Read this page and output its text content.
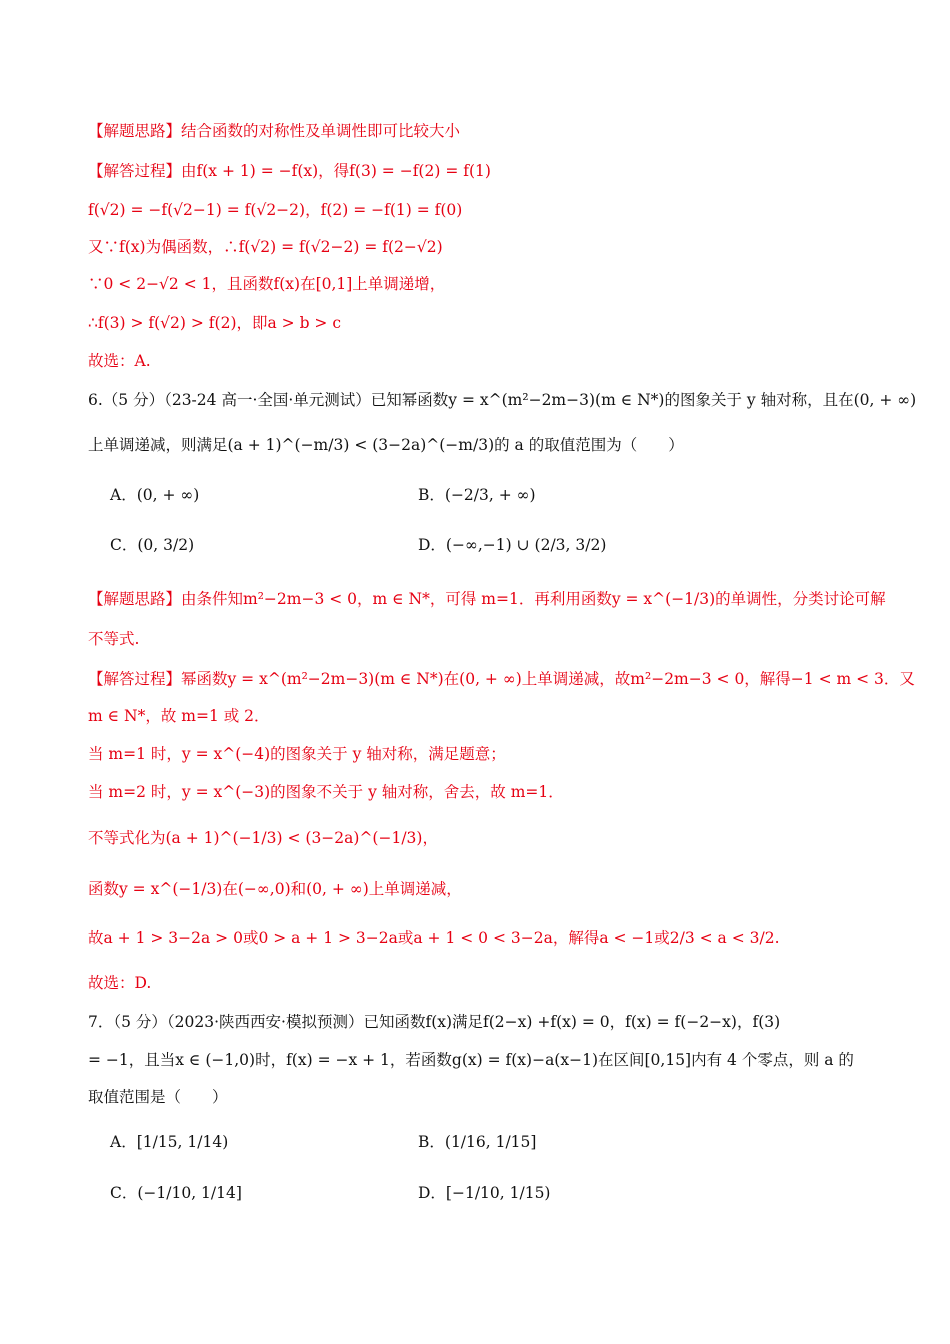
【解题思路】结合函数的对称性及单调性即可比较大小
【解答过程】由f(x + 1) = −f(x)，得f(3) = −f(2) = f(1)
f(√2) = −f(√2−1) = f(√2−2)，f(2) = −f(1) = f(0)
又∵f(x)为偶函数，∴f(√2) = f(√2−2) = f(2−√2)
∵0 < 2−√2 < 1，且函数f(x)在[0,1]上单调递增，
∴f(3) > f(√2) > f(2)，即a > b > c
故选：A.
6.（5 分）（23-24 高一·全国·单元测试）已知幂函数y = x^(m²−2m−3)(m ∈ N*)的图象关于 y 轴对称，且在(0, + ∞)
上单调递减，则满足(a + 1)^(−m/3) < (3−2a)^(−m/3)的 a 的取值范围为（　　）
A．(0, + ∞)	B．(−2/3, + ∞)
C．(0, 3/2)	D．(−∞,−1) ∪ (2/3, 3/2)
【解题思路】由条件知m²−2m−3 < 0，m ∈ N*，可得 m=1．再利用函数y = x^(−1/3)的单调性，分类讨论可解
不等式.
【解答过程】幂函数y = x^(m²−2m−3)(m ∈ N*)在(0, + ∞)上单调递减，故m²−2m−3 < 0，解得−1 < m < 3．又
m ∈ N*，故 m=1 或 2．
当 m=1 时，y = x^(−4)的图象关于 y 轴对称，满足题意；
当 m=2 时，y = x^(−3)的图象不关于 y 轴对称，舍去，故 m=1．
不等式化为(a + 1)^(−1/3) < (3−2a)^(−1/3)，
函数y = x^(−1/3)在(−∞,0)和(0, + ∞)上单调递减，
故a + 1 > 3−2a > 0或0 > a + 1 > 3−2a或a + 1 < 0 < 3−2a，解得a < −1或2/3 < a < 3/2.
故选：D.
7．（5 分）（2023·陕西西安·模拟预测）已知函数f(x)满足f(2−x) +f(x) = 0，f(x) = f(−2−x)，f(3)
= −1，且当x ∈ (−1,0)时，f(x) = −x + 1，若函数g(x) = f(x)−a(x−1)在区间[0,15]内有 4 个零点，则 a 的
取值范围是（　　）
A．[1/15, 1/14)	B．(1/16, 1/15]
C．(−1/10, 1/14]	D．[−1/10, 1/15)
